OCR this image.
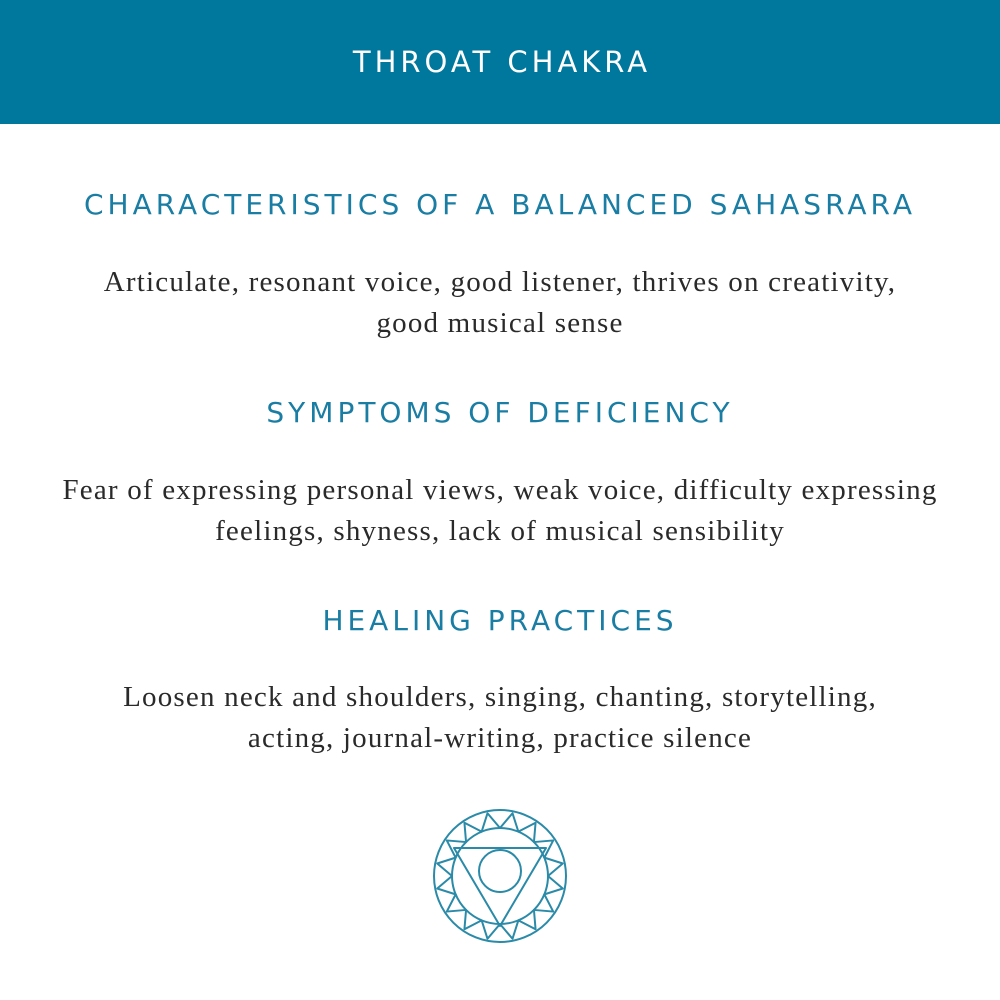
THROAT CHAKRA
CHARACTERISTICS OF A BALANCED SAHASRARA

Articulate, resonant voice, good listener, thrives on creativity,
good musical sense

SYMPTOMS OF DEFICIENCY

Fear of expressing personal views, weak voice, difficulty expressing
feelings, shyness, lack of musical sensibility

HEALING PRACTICES

Loosen neck and shoulders, singing, chanting, storytelling,
acting, journal-writing, practice silence
